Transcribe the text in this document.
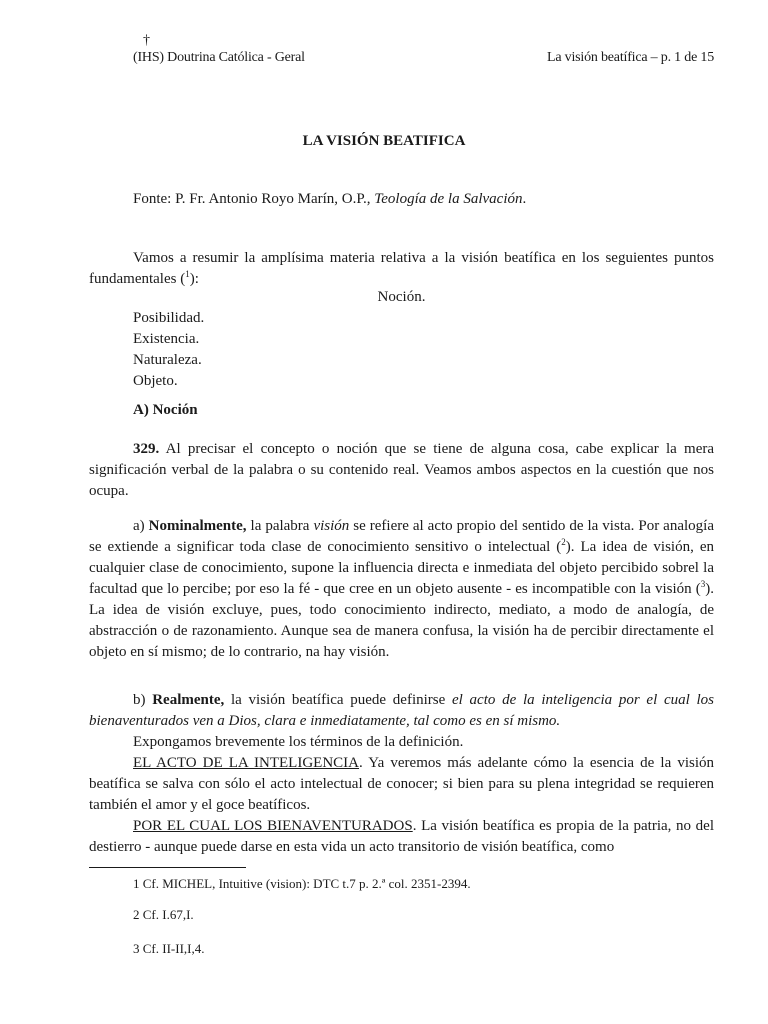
†
(IHS) Doutrina Católica - Geral	La visión beatífica – p. 1 de 15
LA VISIÓN BEATIFICA
Fonte: P. Fr. Antonio Royo Marín, O.P., Teología de la Salvación.
Vamos a resumir la amplísima materia relativa a la visión beatífica en los seguientes puntos fundamentales ($^1$):
Noción.
Posibilidad.
Existencia.
Naturaleza.
Objeto.
A) Noción
329. Al precisar el concepto o noción que se tiene de alguna cosa, cabe explicar la mera significación verbal de la palabra o su contenido real. Veamos ambos aspectos en la cuestión que nos ocupa.
a) Nominalmente, la palabra visión se refiere al acto propio del sentido de la vista. Por analogía se extiende a significar toda clase de conocimiento sensitivo o intelectual ($^2$). La idea de visión, en cualquier clase de conocimiento, supone la influencia directa e inmediata del objeto percibido sobrel la facultad que lo percibe; por eso la fé - que cree en un objeto ausente - es incompatible con la visión ($^3$). La idea de visión excluye, pues, todo conocimiento indirecto, mediato, a modo de analogía, de abstracción o de razonamiento. Aunque sea de manera confusa, la visión ha de percibir directamente el objeto en sí mismo; de lo contrario, na hay visión.
b) Realmente, la visión beatífica puede definirse el acto de la inteligencia por el cual los bienaventurados ven a Dios, clara e inmediatamente, tal como es en sí mismo.
Expongamos brevemente los términos de la definición.
EL ACTO DE LA INTELIGENCIA. Ya veremos más adelante cómo la esencia de la visión beatífica se salva con sólo el acto intelectual de conocer; si bien para su plena integridad se requieren también el amor y el goce beatíficos.
POR EL CUAL LOS BIENAVENTURADOS. La visión beatífica es propia de la patria, no del destierro - aunque puede darse en esta vida un acto transitorio de visión beatífica, como
1 Cf. MICHEL, Intuitive (vision): DTC t.7 p. 2.ª col. 2351-2394.
2 Cf. I.67,I.
3 Cf. II-II,I,4.
